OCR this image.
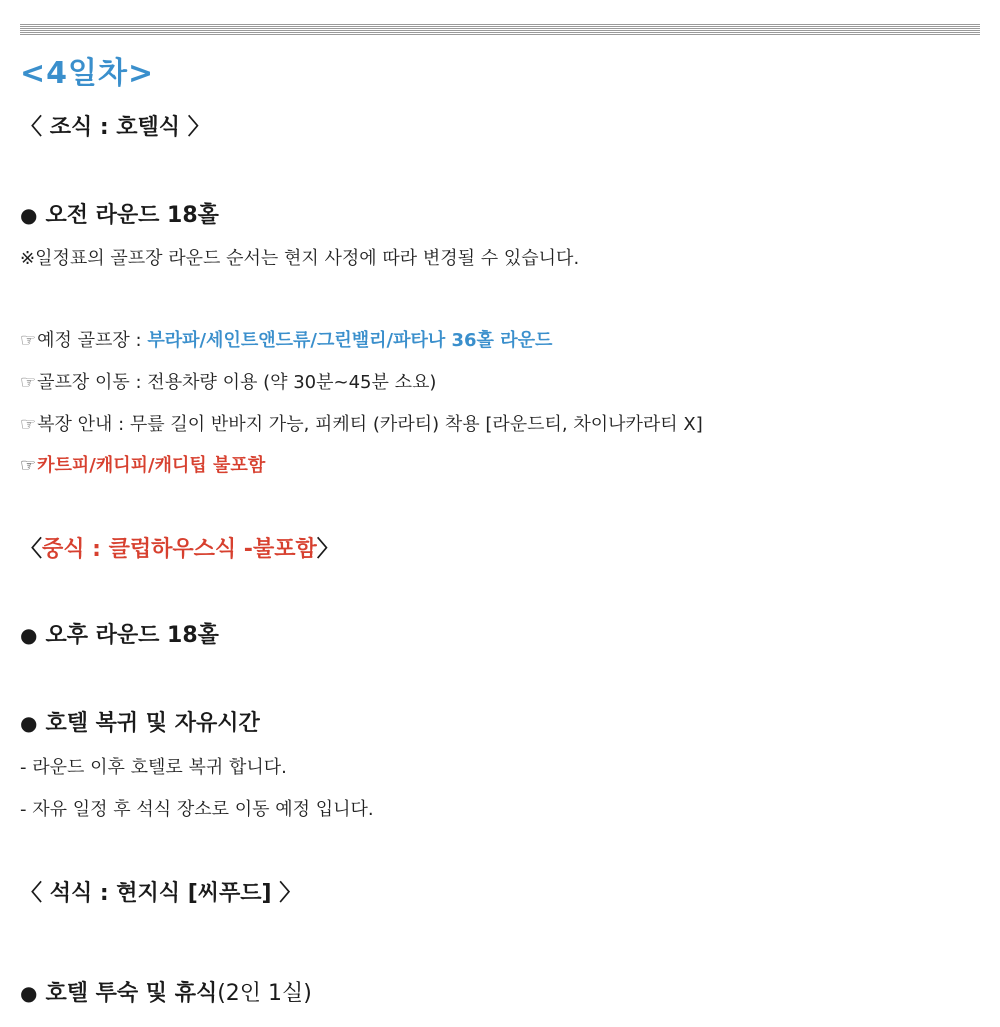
<4일차>
〈 조식 : 호텔식 〉
● 오전 라운드 18홀
※일정표의 골프장 라운드 순서는 현지 사정에 따라 변경될 수 있습니다.
☞예정 골프장 : 부라파/세인트앤드류/그린밸리/파타나 36홀 라운드
☞골프장 이동 : 전용차량 이용 (약 30분~45분 소요)
☞복장 안내 : 무릎 길이 반바지 가능, 피케티 (카라티) 착용 [라운드티, 차이나카라티 X]
☞카트피/캐디피/캐디팁 불포함
〈중식 : 클럽하우스식 -불포함〉
● 오후 라운드 18홀
● 호텔 복귀 및 자유시간
- 라운드 이후 호텔로 복귀 합니다.
- 자유 일정 후 석식 장소로 이동 예정 입니다.
〈 석식 : 현지식 [씨푸드] 〉
● 호텔 투숙 및 휴식(2인 1실)
